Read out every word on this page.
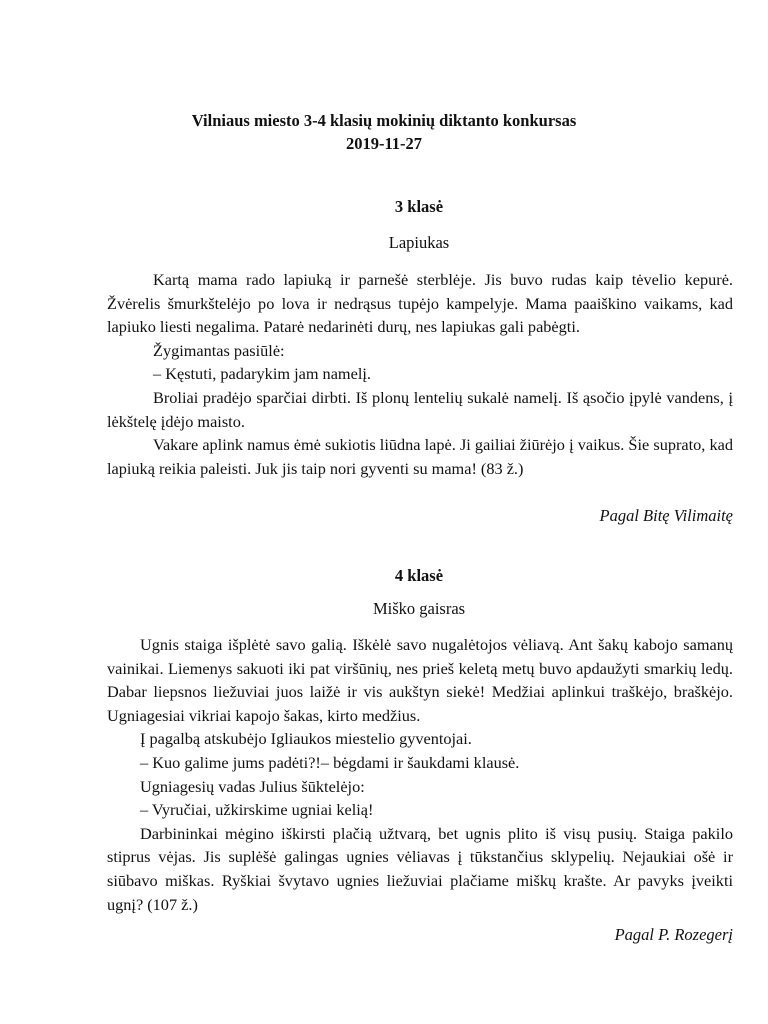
Vilniaus miesto 3-4 klasių mokinių diktanto konkursas
2019-11-27
3 klasė
Lapiukas

Kartą mama rado lapiuką ir parnešė sterblėje. Jis buvo rudas kaip tėvelio kepurė. Žvėrelis šmurkštelėjo po lova ir nedrąsus tupėjo kampelyje. Mama paaiškino vaikams, kad lapiuko liesti negalima. Patarė nedarinėti durų, nes lapiukas gali pabėgti.

Žygimantas pasiūlė:

– Kęstuti, padarykim jam namelį.

Broliai pradėjo sparčiai dirbti. Iš plonų lentelių sukalė namelį. Iš ąsočio įpylė vandens, į lėkštelę įdėjo maisto.

Vakare aplink namus ėmė sukiotis liūdna lapė. Ji gailiai žiūrėjo į vaikus. Šie suprato, kad lapiuką reikia paleisti. Juk jis taip nori gyventi su mama! (83 ž.)

Pagal Bitę Vilimaitę
4 klasė
Miško gaisras

Ugnis staiga išplėtė savo galią. Iškėlė savo nugalėtojos vėliavą. Ant šakų kabojo samanų vainikai. Liemenys sakuoti iki pat viršūnių, nes prieš keletą metų buvo apdaužyti smarkių ledų. Dabar liepsnos liežuviai juos laižė ir vis aukštyn siekė! Medžiai aplinkui traškėjo, braškėjo. Ugniagesiai vikriai kapojo šakas, kirto medžius.

Į pagalbą atskubėjo Igliaukos miestelio gyventojai.

– Kuo galime jums padėti?!– bėgdami ir šaukdami klausė.

Ugniagesių vadas Julius šūktelėjo:

– Vyručiai, užkirskime ugniai kelią!

Darbininkai mėgino iškirsti plačią užtvarą, bet ugnis plito iš visų pusių. Staiga pakilo stiprus vėjas. Jis suplėšė galingas ugnies vėliavas į tūkstančius sklypelių. Nejaukiai ošė ir siūbavo miškas. Ryškiai švytavo ugnies liežuviai plačiame miškų krašte. Ar pavyks įveikti ugnį? (107 ž.)

Pagal P. Rozegerį
